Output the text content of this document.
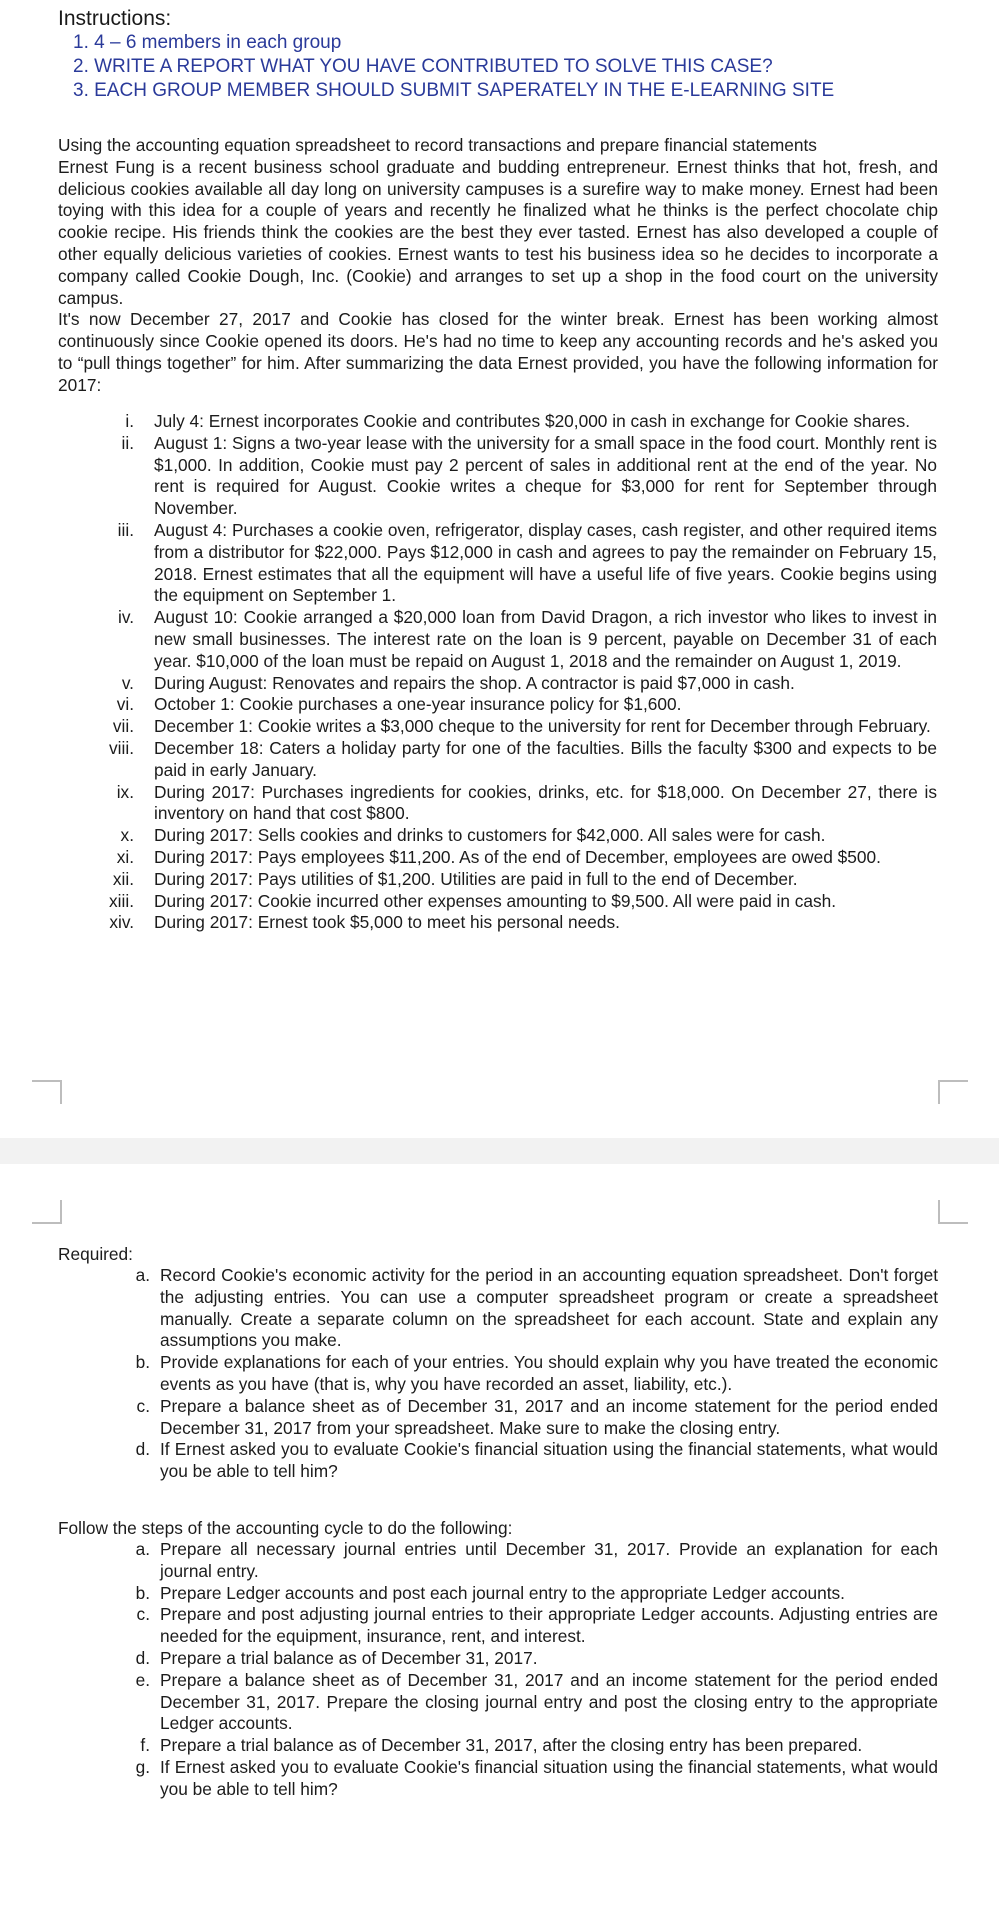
Instructions:
1. 4 – 6 members in each group
2. WRITE A REPORT WHAT YOU HAVE CONTRIBUTED TO SOLVE THIS CASE?
3. EACH GROUP MEMBER SHOULD SUBMIT SAPERATELY IN THE E-LEARNING SITE
Using the accounting equation spreadsheet to record transactions and prepare financial statements
Ernest Fung is a recent business school graduate and budding entrepreneur. Ernest thinks that hot, fresh, and delicious cookies available all day long on university campuses is a surefire way to make money. Ernest had been toying with this idea for a couple of years and recently he finalized what he thinks is the perfect chocolate chip cookie recipe. His friends think the cookies are the best they ever tasted. Ernest has also developed a couple of other equally delicious varieties of cookies. Ernest wants to test his business idea so he decides to incorporate a company called Cookie Dough, Inc. (Cookie) and arranges to set up a shop in the food court on the university campus.
It's now December 27, 2017 and Cookie has closed for the winter break. Ernest has been working almost continuously since Cookie opened its doors. He's had no time to keep any accounting records and he's asked you to “pull things together” for him. After summarizing the data Ernest provided, you have the following information for 2017:
i.	July 4: Ernest incorporates Cookie and contributes $20,000 in cash in exchange for Cookie shares.
ii.	August 1: Signs a two-year lease with the university for a small space in the food court. Monthly rent is $1,000. In addition, Cookie must pay 2 percent of sales in additional rent at the end of the year. No rent is required for August. Cookie writes a cheque for $3,000 for rent for September through November.
iii.	August 4: Purchases a cookie oven, refrigerator, display cases, cash register, and other required items from a distributor for $22,000. Pays $12,000 in cash and agrees to pay the remainder on February 15, 2018. Ernest estimates that all the equipment will have a useful life of five years. Cookie begins using the equipment on September 1.
iv.	August 10: Cookie arranged a $20,000 loan from David Dragon, a rich investor who likes to invest in new small businesses. The interest rate on the loan is 9 percent, payable on December 31 of each year. $10,000 of the loan must be repaid on August 1, 2018 and the remainder on August 1, 2019.
v.	During August: Renovates and repairs the shop. A contractor is paid $7,000 in cash.
vi.	October 1: Cookie purchases a one-year insurance policy for $1,600.
vii.	December 1: Cookie writes a $3,000 cheque to the university for rent for December through February.
viii.	December 18: Caters a holiday party for one of the faculties. Bills the faculty $300 and expects to be paid in early January.
ix.	During 2017: Purchases ingredients for cookies, drinks, etc. for $18,000. On December 27, there is inventory on hand that cost $800.
x.	During 2017: Sells cookies and drinks to customers for $42,000. All sales were for cash.
xi.	During 2017: Pays employees $11,200. As of the end of December, employees are owed $500.
xii.	During 2017: Pays utilities of $1,200. Utilities are paid in full to the end of December.
xiii.	During 2017: Cookie incurred other expenses amounting to $9,500. All were paid in cash.
xiv.	During 2017: Ernest took $5,000 to meet his personal needs.
Required:
a. Record Cookie's economic activity for the period in an accounting equation spreadsheet. Don't forget the adjusting entries. You can use a computer spreadsheet program or create a spreadsheet manually. Create a separate column on the spreadsheet for each account. State and explain any assumptions you make.
b. Provide explanations for each of your entries. You should explain why you have treated the economic events as you have (that is, why you have recorded an asset, liability, etc.).
c. Prepare a balance sheet as of December 31, 2017 and an income statement for the period ended December 31, 2017 from your spreadsheet. Make sure to make the closing entry.
d. If Ernest asked you to evaluate Cookie's financial situation using the financial statements, what would you be able to tell him?
Follow the steps of the accounting cycle to do the following:
a. Prepare all necessary journal entries until December 31, 2017. Provide an explanation for each journal entry.
b. Prepare Ledger accounts and post each journal entry to the appropriate Ledger accounts.
c. Prepare and post adjusting journal entries to their appropriate Ledger accounts. Adjusting entries are needed for the equipment, insurance, rent, and interest.
d. Prepare a trial balance as of December 31, 2017.
e. Prepare a balance sheet as of December 31, 2017 and an income statement for the period ended December 31, 2017. Prepare the closing journal entry and post the closing entry to the appropriate Ledger accounts.
f. Prepare a trial balance as of December 31, 2017, after the closing entry has been prepared.
g. If Ernest asked you to evaluate Cookie's financial situation using the financial statements, what would you be able to tell him?
